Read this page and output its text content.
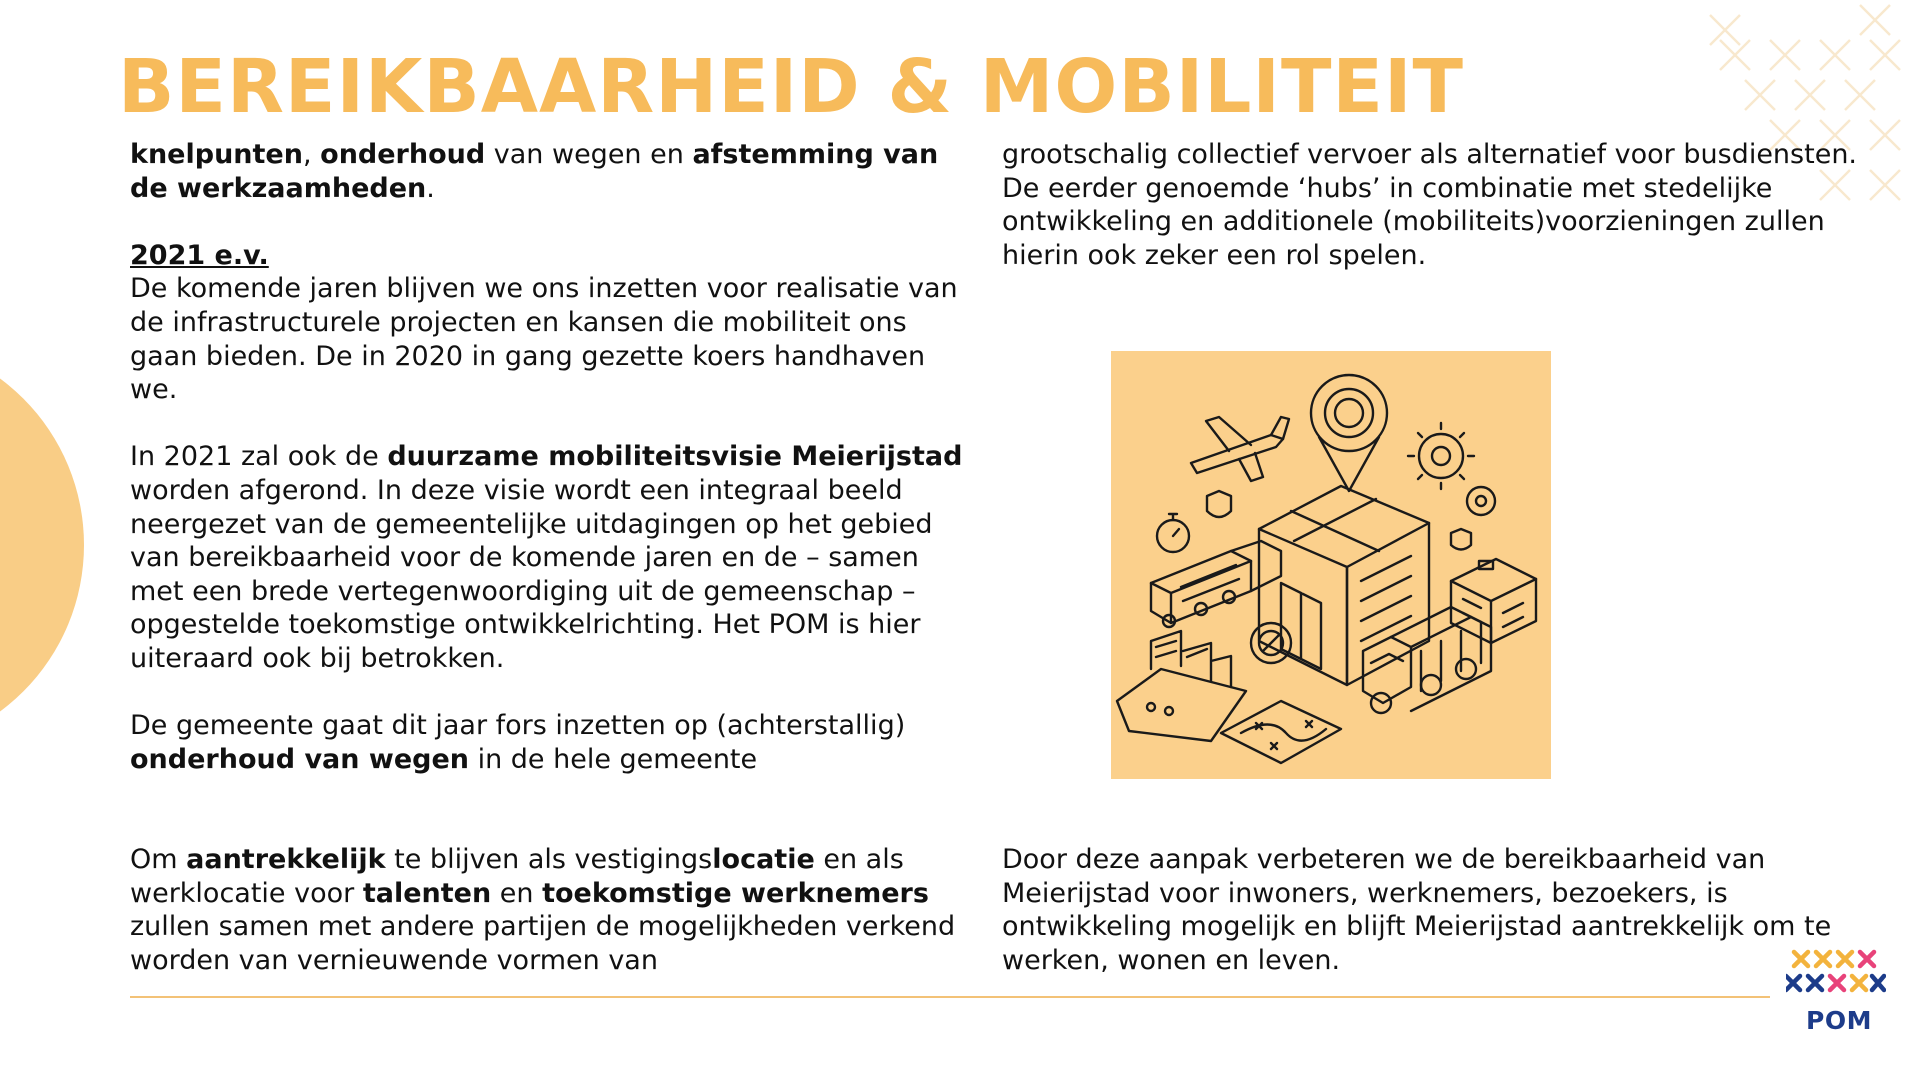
BEREIKBAARHEID & MOBILITEIT

knelpunten, onderhoud van wegen en afstemming van de werkzaamheden.

2021 e.v.

De komende jaren blijven we ons inzetten voor realisatie van de infrastructurele projecten en kansen die mobiliteit ons gaan bieden. De in 2020 in gang gezette koers handhaven we.

In 2021 zal ook de duurzame mobiliteitsvisie Meierijstad worden afgerond. In deze visie wordt een integraal beeld neergezet van de gemeentelijke uitdagingen op het gebied van bereikbaarheid voor de komende jaren en de – samen met een brede vertegenwoordiging uit de gemeenschap – opgestelde toekomstige ontwikkelrichting. Het POM is hier uiteraard ook bij betrokken.

De gemeente gaat dit jaar fors inzetten op (achterstallig) onderhoud van wegen in de hele gemeente

Om aantrekkelijk te blijven als vestigingslocatie en als werklocatie voor talenten en toekomstige werknemers zullen samen met andere partijen de mogelijkheden verkend worden van vernieuwende vormen van

grootschalig collectief vervoer als alternatief voor busdiensten. De eerder genoemde ‘hubs’ in combinatie met stedelijke ontwikkeling en additionele (mobiliteits)voorzieningen zullen hierin ook zeker een rol spelen.

Door deze aanpak verbeteren we de bereikbaarheid van Meierijstad voor inwoners, werknemers, bezoekers, is ontwikkeling mogelijk en blijft Meierijstad aantrekkelijk om te werken, wonen en leven.

POM
